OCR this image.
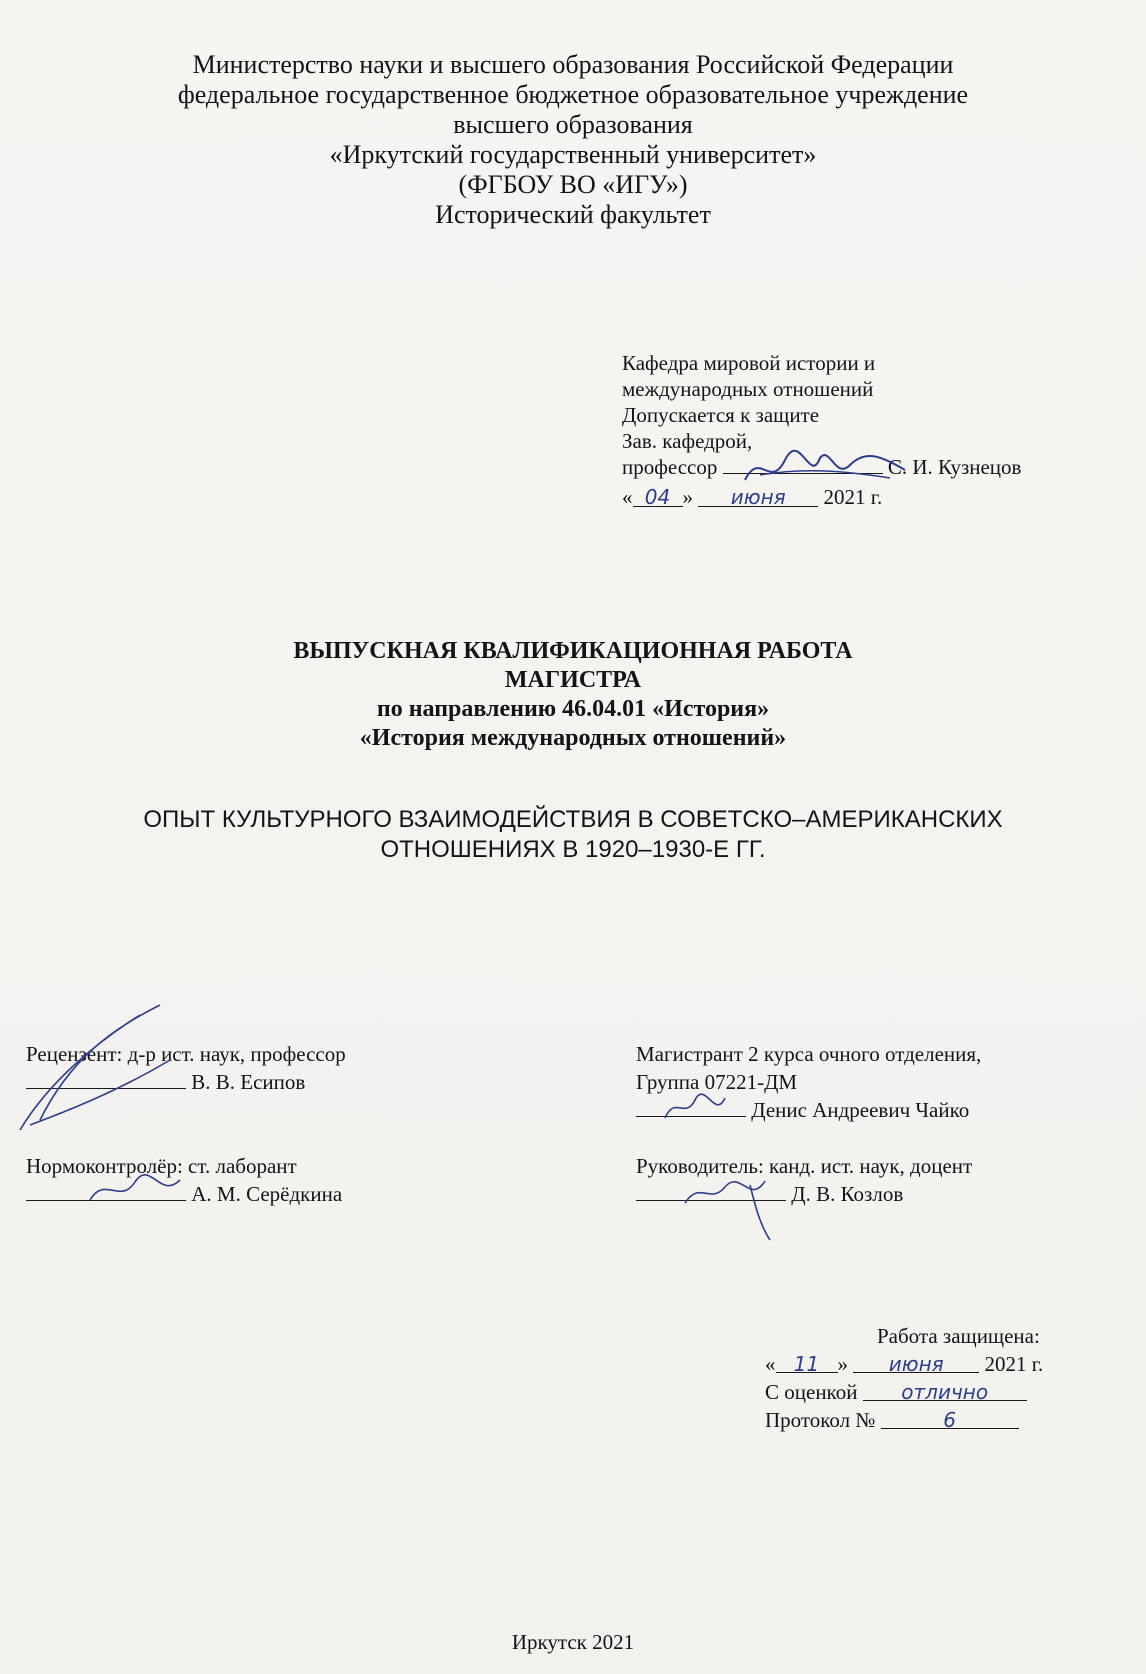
Министерство науки и высшего образования Российской Федерации
федеральное государственное бюджетное образовательное учреждение
высшего образования
«Иркутский государственный университет»
(ФГБОУ ВО «ИГУ»)
Исторический факультет
Кафедра мировой истории и
международных отношений
Допускается к защите
Зав. кафедрой,
профессор	С. И. Кузнецов
« 04 » июня 2021 г.
ВЫПУСКНАЯ КВАЛИФИКАЦИОННАЯ РАБОТА
МАГИСТРА
по направлению 46.04.01 «История»
«История международных отношений»
ОПЫТ КУЛЬТУРНОГО ВЗАИМОДЕЙСТВИЯ В СОВЕТСКО–АМЕРИКАНСКИХ
ОТНОШЕНИЯХ В 1920–1930-Е ГГ.
Рецензент: д-р ист. наук, профессор
В. В. Есипов
Нормоконтролёр: ст. лаборант
А. М. Серёдкина
Магистрант 2 курса очного отделения,
Группа 07221-ДМ
Денис Андреевич Чайко
Руководитель: канд. ист. наук, доцент
Д. В. Козлов
Работа защищена:
« 11 » июня 2021 г.
С оценкой отлично
Протокол №	6
Иркутск 2021
